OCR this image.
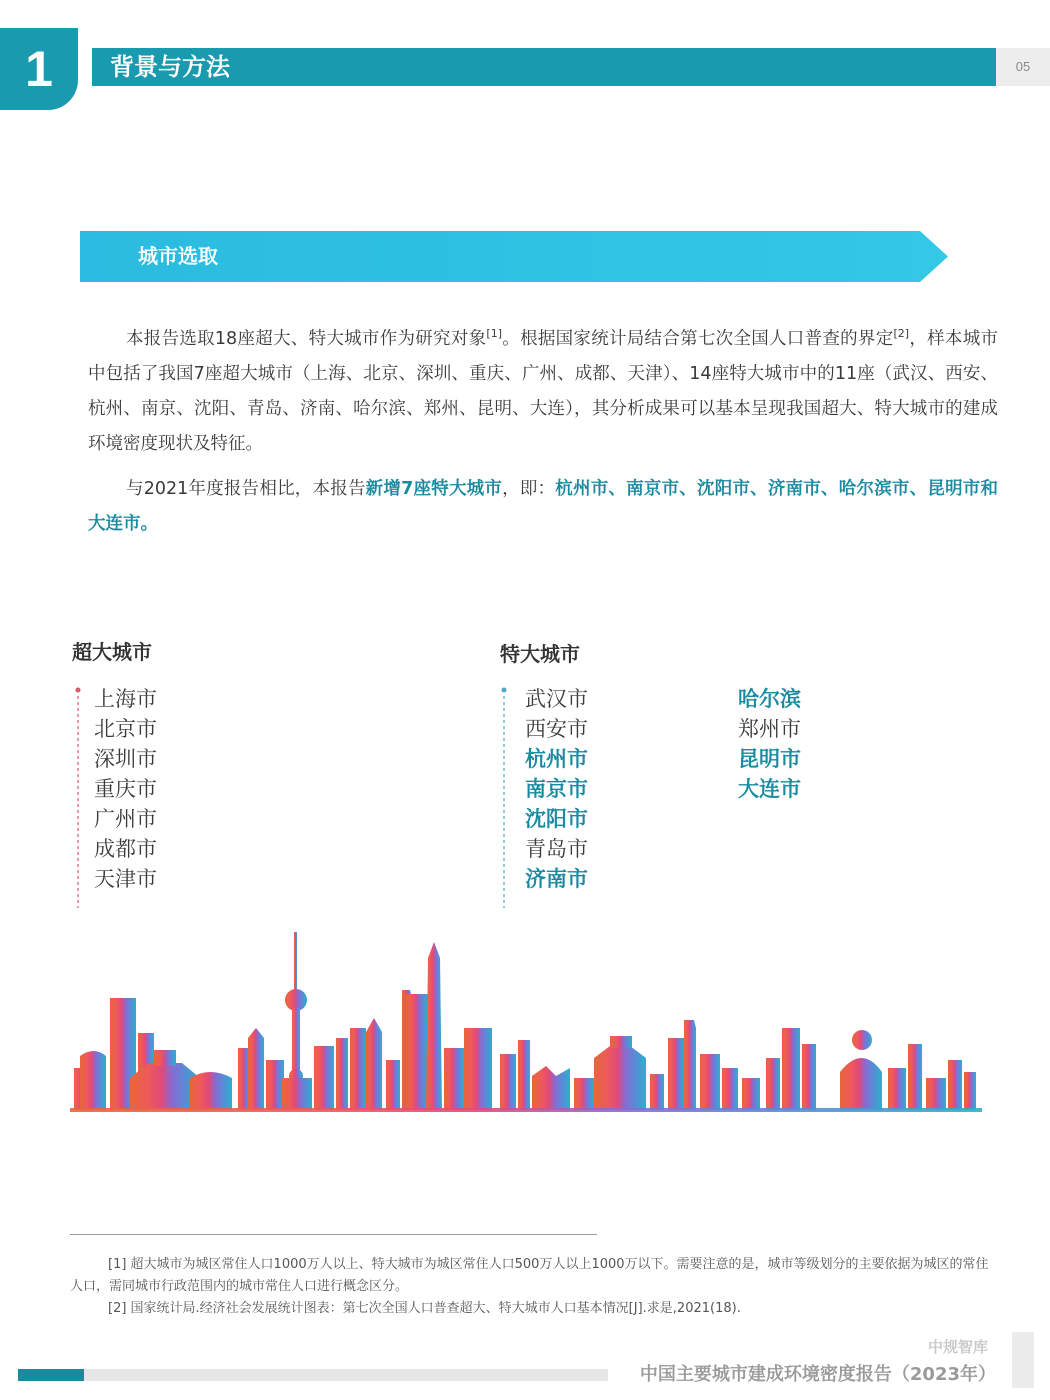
1	背景与方法	05
城市选取

本报告选取18座超大、特大城市作为研究对象[1]。根据国家统计局结合第七次全国人口普查的界定[2]，样本城市中包括了我国7座超大城市（上海、北京、深圳、重庆、广州、成都、天津）、14座特大城市中的11座（武汉、西安、杭州、南京、沈阳、青岛、济南、哈尔滨、郑州、昆明、大连），其分析成果可以基本呈现我国超大、特大城市的建成环境密度现状及特征。

与2021年度报告相比，本报告新增7座特大城市，即：杭州市、南京市、沈阳市、济南市、哈尔滨市、昆明市和大连市。

超大城市
上海市
北京市
深圳市
重庆市
广州市
成都市
天津市
特大城市
武汉市
西安市
杭州市
南京市
沈阳市
青岛市
济南市
哈尔滨
郑州市
昆明市
大连市

[1] 超大城市为城区常住人口1000万人以上、特大城市为城区常住人口500万人以上1000万以下。需要注意的是，城市等级划分的主要依据为城区的常住人口，需同城市行政范围内的城市常住人口进行概念区分。

[2] 国家统计局.经济社会发展统计图表：第七次全国人口普查超大、特大城市人口基本情况[J].求是,2021(18).

中规智库
中国主要城市建成环境密度报告（2023年）
